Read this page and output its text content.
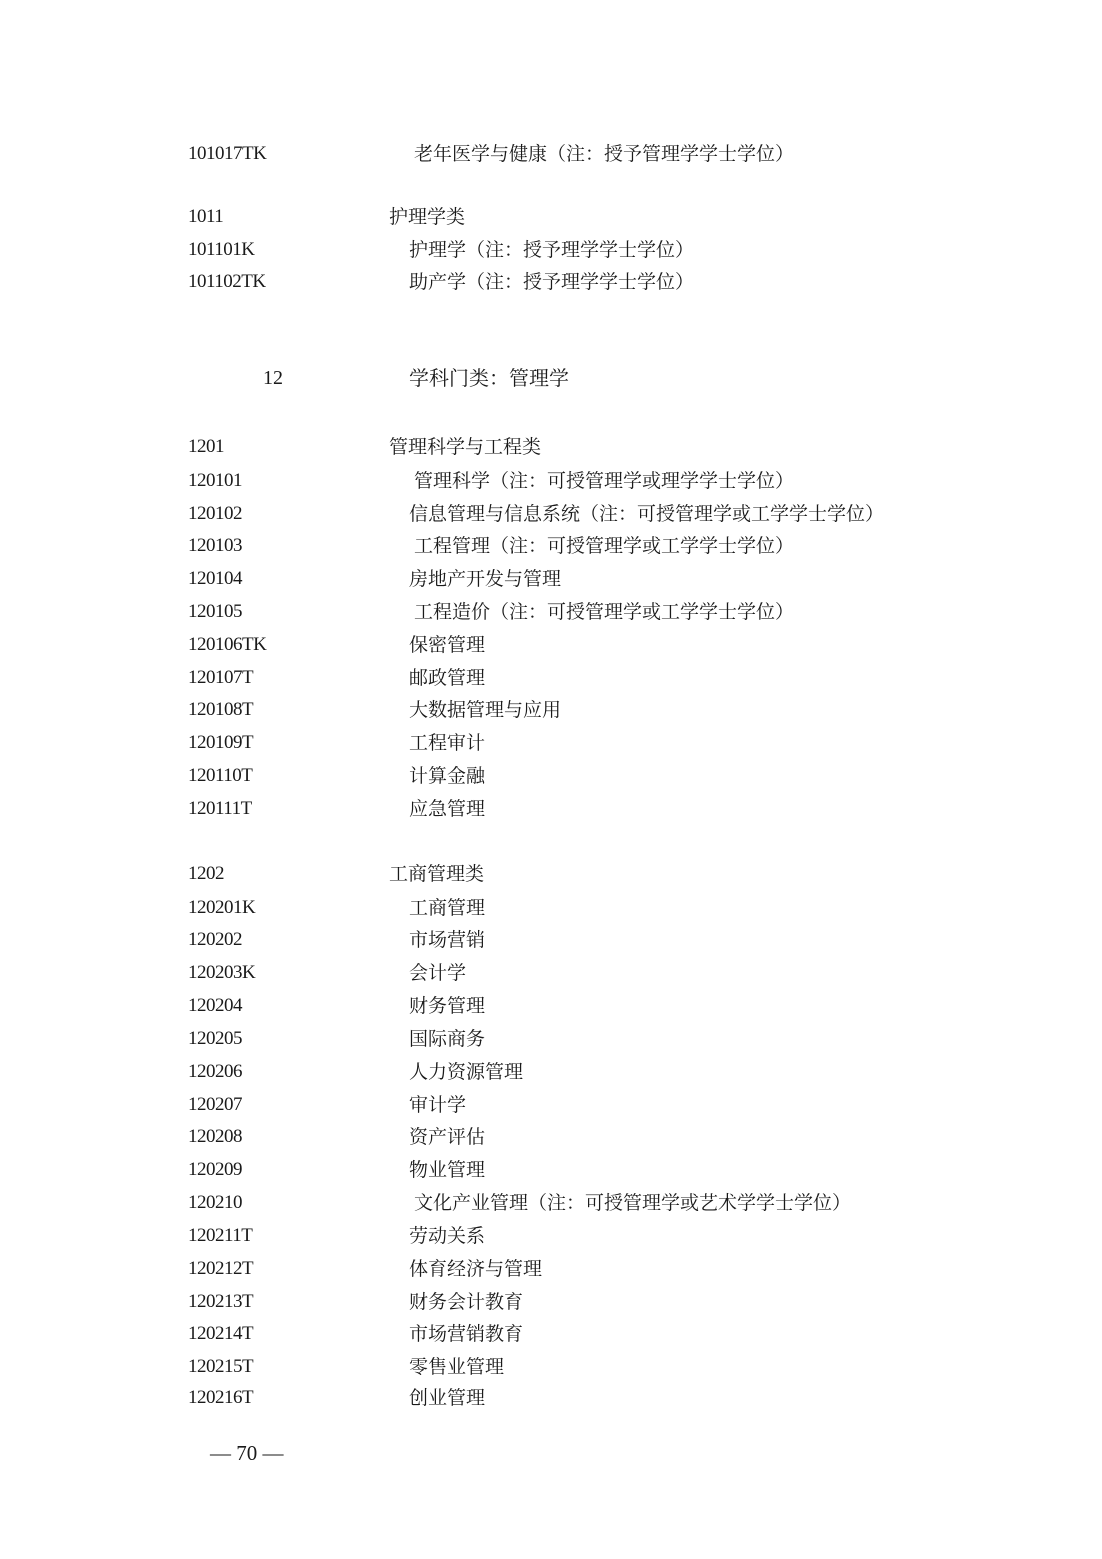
101017TK	老年医学与健康（注：授予管理学学士学位）
1011	护理学类
101101K	护理学（注：授予理学学士学位）
101102TK	助产学（注：授予理学学士学位）
12	学科门类：管理学
1201	管理科学与工程类
120101	管理科学（注：可授管理学或理学学士学位）
120102	信息管理与信息系统（注：可授管理学或工学学士学位）
120103	工程管理（注：可授管理学或工学学士学位）
120104	房地产开发与管理
120105	工程造价（注：可授管理学或工学学士学位）
120106TK	保密管理
120107T	邮政管理
120108T	大数据管理与应用
120109T	工程审计
120110T	计算金融
120111T	应急管理
1202	工商管理类
120201K	工商管理
120202	市场营销
120203K	会计学
120204	财务管理
120205	国际商务
120206	人力资源管理
120207	审计学
120208	资产评估
120209	物业管理
120210	文化产业管理（注：可授管理学或艺术学学士学位）
120211T	劳动关系
120212T	体育经济与管理
120213T	财务会计教育
120214T	市场营销教育
120215T	零售业管理
120216T	创业管理
— 70 —
